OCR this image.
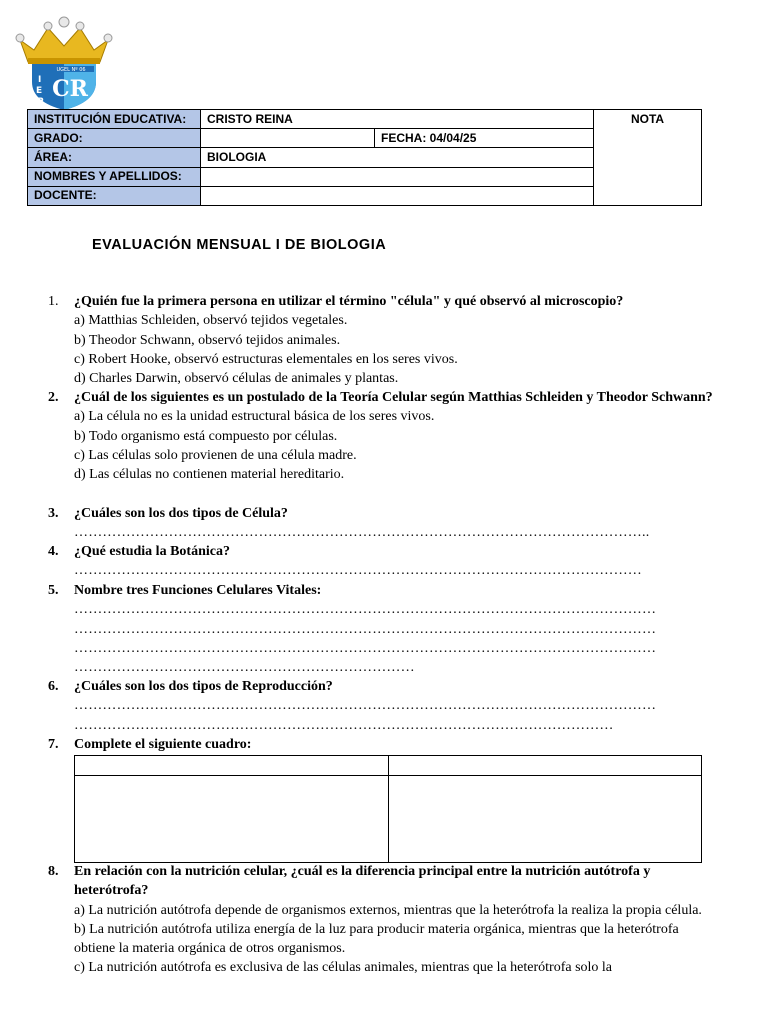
UGEL Nº 06
I E P CR
INSTITUCIÓN EDUCATIVA:	CRISTO REINA		NOTA
GRADO:		FECHA: 04/04/25	
ÁREA:	BIOLOGIA		
NOMBRES Y APELLIDOS:			
DOCENTE:			
EVALUACIÓN MENSUAL I DE BIOLOGIA
1.	¿Quién fue la primera persona en utilizar el término "célula" y qué observó al microscopio?
a) Matthias Schleiden, observó tejidos vegetales.
b) Theodor Schwann, observó tejidos animales.
c) Robert Hooke, observó estructuras elementales en los seres vivos.
d) Charles Darwin, observó células de animales y plantas.
2.	¿Cuál de los siguientes es un postulado de la Teoría Celular según Matthias Schleiden y Theodor Schwann?
a) La célula no es la unidad estructural básica de los seres vivos.
b) Todo organismo está compuesto por células.
c) Las células solo provienen de una célula madre.
d) Las células no contienen material hereditario.
3.	¿Cuáles son los dos tipos de Célula?
…………………………………………………………………………………………………………..
4.	¿Qué estudia la Botánica?
…………………………………………………………………………………………………………
5.	Nombre tres Funciones Celulares Vitales:
……………………………………………………………………………………………………………
……………………………………………………………………………………………………………
……………………………………………………………………………………………………………
………………………………………………………………
6.	¿Cuáles son los dos tipos de Reproducción?
……………………………………………………………………………………………………………
……………………………………………………………………………………………………
7.	Complete el siguiente cuadro:

8.	En relación con la nutrición celular, ¿cuál es la diferencia principal entre la nutrición autótrofa y heterótrofa?
a) La nutrición autótrofa depende de organismos externos, mientras que la heterótrofa la realiza la propia célula.
b) La nutrición autótrofa utiliza energía de la luz para producir materia orgánica, mientras que la heterótrofa obtiene la materia orgánica de otros organismos.
c) La nutrición autótrofa es exclusiva de las células animales, mientras que la heterótrofa solo la
